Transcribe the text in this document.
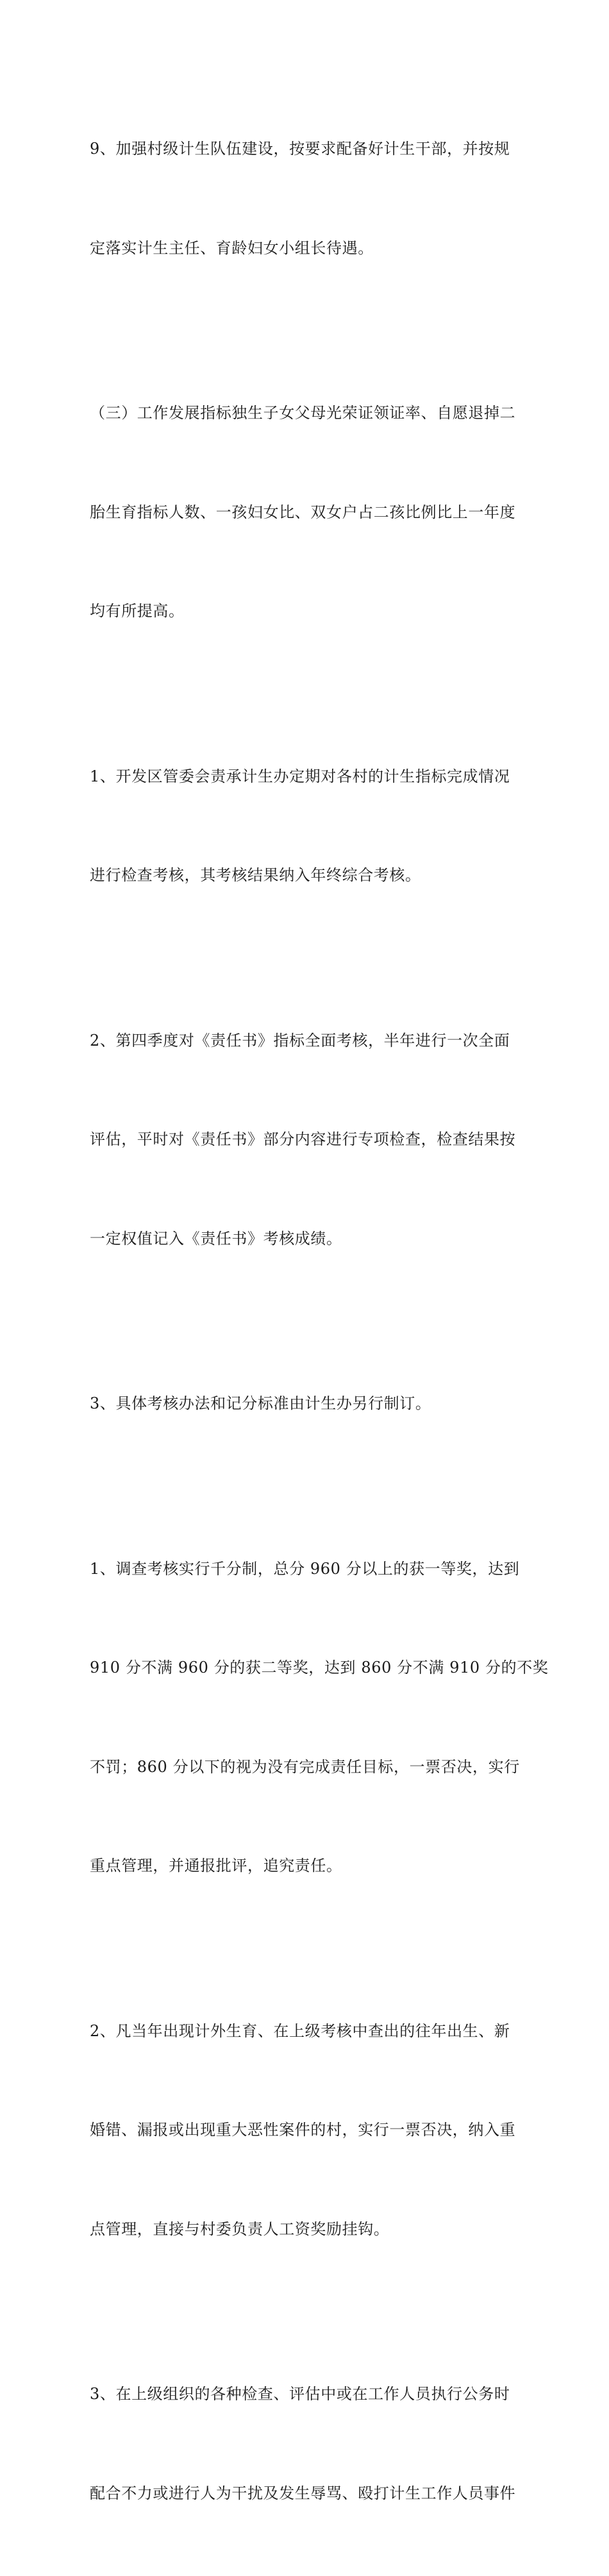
9、加强村级计生队伍建设，按要求配备好计生干部，并按规

定落实计生主任、育龄妇女小组长待遇。

（三）工作发展指标独生子女父母光荣证领证率、自愿退掉二

胎生育指标人数、一孩妇女比、双女户占二孩比例比上一年度

均有所提高。

1、开发区管委会责承计生办定期对各村的计生指标完成情况

进行检查考核，其考核结果纳入年终综合考核。

2、第四季度对《责任书》指标全面考核，半年进行一次全面

评估，平时对《责任书》部分内容进行专项检查，检查结果按

一定权值记入《责任书》考核成绩。

3、具体考核办法和记分标准由计生办另行制订。

1、调查考核实行千分制，总分 960 分以上的获一等奖，达到

910 分不满 960 分的获二等奖，达到 860 分不满 910 分的不奖

不罚；860 分以下的视为没有完成责任目标，一票否决，实行

重点管理，并通报批评，追究责任。

2、凡当年出现计外生育、在上级考核中查出的往年出生、新

婚错、漏报或出现重大恶性案件的村，实行一票否决，纳入重

点管理，直接与村委负责人工资奖励挂钩。

3、在上级组织的各种检查、评估中或在工作人员执行公务时

配合不力或进行人为干扰及发生辱骂、殴打计生工作人员事件
